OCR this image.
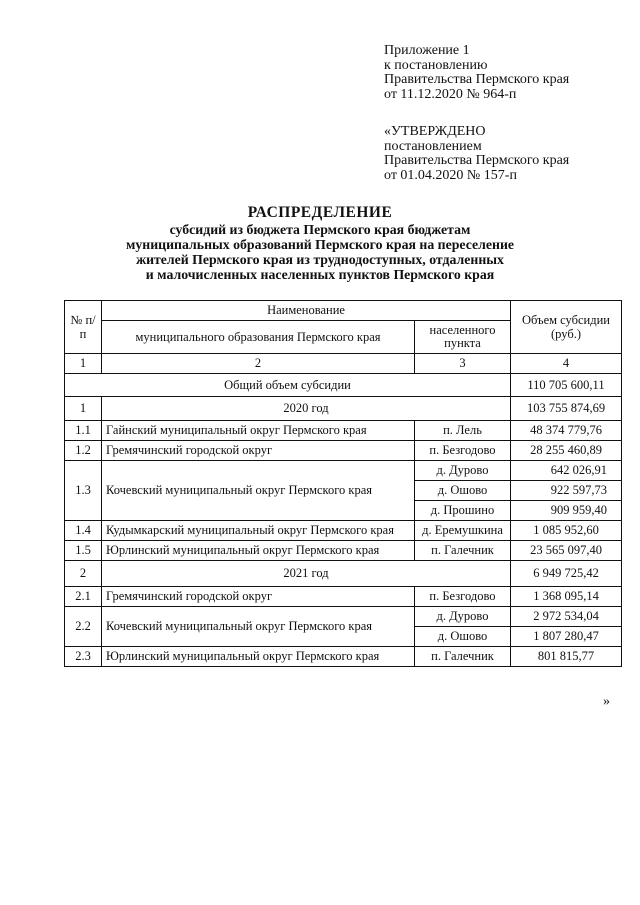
Приложение 1
к постановлению
Правительства Пермского края
от 11.12.2020 № 964-п
«УТВЕРЖДЕНО
постановлением
Правительства Пермского края
от 01.04.2020 № 157-п
РАСПРЕДЕЛЕНИЕ
субсидий из бюджета Пермского края бюджетам
муниципальных образований Пермского края на переселение
жителей Пермского края из труднодоступных, отдаленных
и малочисленных населенных пунктов Пермского края
№ п/п	Наименование		Объем субсидии (руб.)
	муниципального образования Пермского края	населенного пункта	
1	2	3	4
Общий объем субсидии			110 705 600,11
1	2020 год		103 755 874,69
1.1	Гайнский муниципальный округ Пермского края	п. Лель	48 374 779,76
1.2	Гремячинский городской округ	п. Безгодово	28 255 460,89
1.3	Кочевский муниципальный округ Пермского края	д. Дурово	642 026,91
		д. Ошово	922 597,73
		д. Прошино	909 959,40
1.4	Кудымкарский муниципальный округ Пермского края	д. Еремушкина	1 085 952,60
1.5	Юрлинский муниципальный округ Пермского края	п. Галечник	23 565 097,40
2	2021 год		6 949 725,42
2.1	Гремячинский городской округ	п. Безгодово	1 368 095,14
2.2	Кочевский муниципальный округ Пермского края	д. Дурово	2 972 534,04
		д. Ошово	1 807 280,47
2.3	Юрлинский муниципальный округ Пермского края	п. Галечник	801 815,77
»
